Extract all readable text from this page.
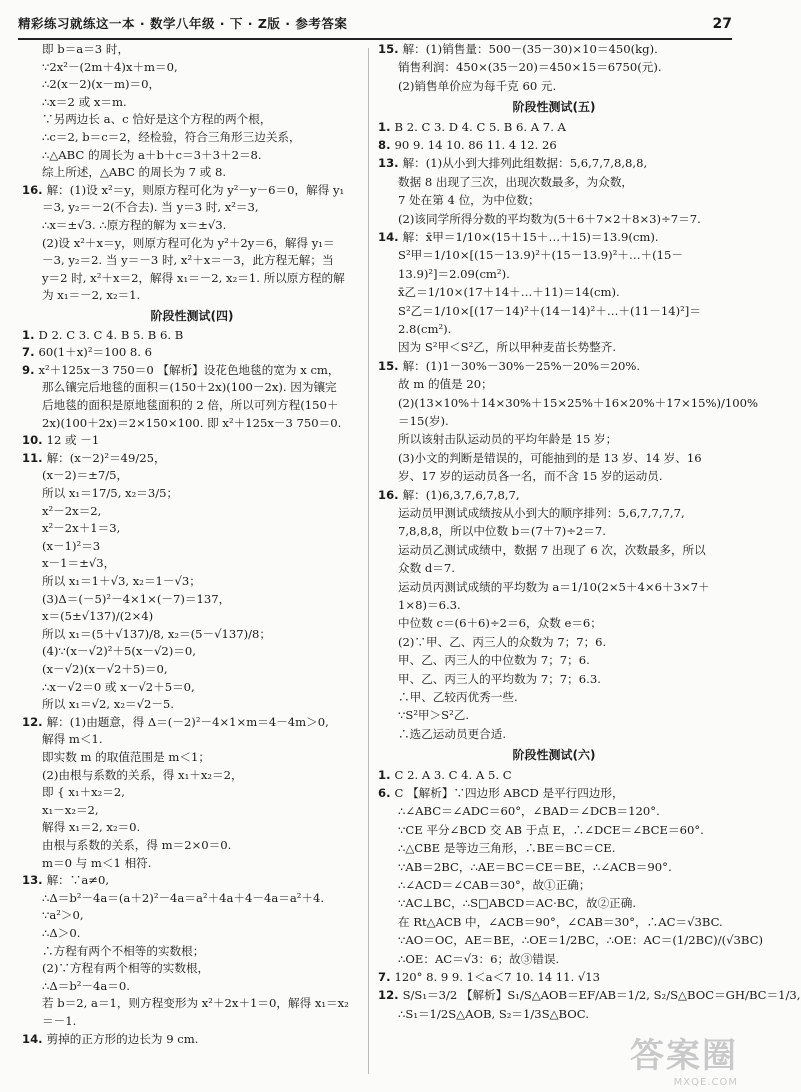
精彩练习就练这一本 · 数学八年级 · 下 · Z版 · 参考答案	27
即 b＝a＝3 时，
∵2x²－(2m＋4)x＋m＝0,
∴2(x－2)(x－m)＝0，
∴x＝2 或 x＝m.
∵另两边长 a、c 恰好是这个方程的两个根，
∴c＝2, b＝c＝2，经检验，符合三角形三边关系，
∴△ABC 的周长为 a＋b＋c＝3＋3＋2＝8.
综上所述，△ABC 的周长为 7 或 8.
16. 解：(1)设 x²＝y，则原方程可化为 y²－y－6＝0，解得 y₁
＝3, y₂＝－2(不合去). 当 y＝3 时, x²＝3,
∴x＝±√3. ∴原方程的解为 x＝±√3.
(2)设 x²＋x＝y，则原方程可化为 y²＋2y＝6，解得 y₁＝
－3, y₂＝2. 当 y＝－3 时, x²＋x＝－3，此方程无解；当
y＝2 时, x²＋x＝2，解得 x₁＝－2, x₂＝1. 所以原方程的解
为 x₁＝－2, x₂＝1.
阶段性测试(四)
1. D 2. C 3. C 4. B 5. B 6. B
7. 60(1＋x)²＝100 8. 6
9. x²＋125x－3 750＝0 【解析】设花色地毯的宽为 x cm，
那么镶完后地毯的面积＝(150＋2x)(100－2x). 因为镶完
后地毯的面积是原地毯面积的 2 倍，所以可列方程(150＋
2x)(100＋2x)＝2×150×100. 即 x²＋125x－3 750＝0.
10. 12 或 －1
11. 解：(x－2)²＝49/25，
(x－2)＝±7/5，
所以 x₁＝17/5, x₂＝3/5；
x²－2x＝2,
x²－2x＋1＝3,
(x－1)²＝3
x－1＝±√3，
所以 x₁＝1＋√3, x₂＝1－√3；
(3)Δ＝(－5)²－4×1×(－7)＝137，
x＝(5±√137)/(2×4)
所以 x₁＝(5＋√137)/8, x₂＝(5－√137)/8；
(4)∵(x－√2)²＋5(x－√2)＝0,
(x－√2)(x－√2＋5)＝0,
∴x－√2＝0 或 x－√2＋5＝0,
所以 x₁＝√2, x₂＝√2－5.
12. 解：(1)由题意，得 Δ＝(－2)²－4×1×m＝4－4m＞0,
解得 m＜1.
即实数 m 的取值范围是 m＜1；
(2)由根与系数的关系，得 x₁＋x₂＝2，
即 { x₁＋x₂＝2,
x₁－x₂＝2,
解得 x₁＝2, x₂＝0.
由根与系数的关系，得 m＝2×0＝0.
m＝0 与 m＜1 相符.
13. 解：∵a≠0,
∴Δ＝b²－4a＝(a＋2)²－4a＝a²＋4a＋4－4a＝a²＋4.
∵a²＞0,
∴Δ＞0.
∴方程有两个不相等的实数根；
(2)∵方程有两个相等的实数根，
∴Δ＝b²－4a＝0.
若 b＝2, a＝1，则方程变形为 x²＋2x＋1＝0，解得 x₁＝x₂
＝－1.
14. 剪掉的正方形的边长为 9 cm.
15. 解：(1)销售量：500－(35－30)×10＝450(kg).
销售利润：450×(35－20)＝450×15＝6750(元).
(2)销售单价应为每千克 60 元.
阶段性测试(五)
1. B 2. C 3. D 4. C 5. B 6. A 7. A
8. 90 9. 14 10. 86 11. 4 12. 26
13. 解：(1)从小到大排列此组数据：5,6,7,7,8,8,8,
数据 8 出现了三次，出现次数最多，为众数，
7 处在第 4 位，为中位数；
(2)该同学所得分数的平均数为(5＋6＋7×2＋8×3)÷7＝7.
14. 解：x̄甲＝1/10×(15＋15＋…＋15)＝13.9(cm).
S²甲＝1/10×[(15－13.9)²＋(15－13.9)²＋…＋(15－
13.9)²]＝2.09(cm²).
x̄乙＝1/10×(17＋14＋…＋11)＝14(cm).
S²乙＝1/10×[(17－14)²＋(14－14)²＋…＋(11－14)²]＝
2.8(cm²).
因为 S²甲＜S²乙，所以甲种麦苗长势整齐.
15. 解：(1)1－30%－30%－25%－20%＝20%.
故 m 的值是 20；
(2)(13×10%＋14×30%＋15×25%＋16×20%＋17×15%)/100%
＝15(岁).
所以该射击队运动员的平均年龄是 15 岁；
(3)小文的判断是错误的，可能抽到的是 13 岁、14 岁、16
岁、17 岁的运动员各一名，而不含 15 岁的运动员.
16. 解：(1)6,3,7,6,7,8,7,
运动员甲测试成绩按从小到大的顺序排列：5,6,7,7,7,7,
7,8,8,8，所以中位数 b＝(7＋7)÷2＝7.
运动员乙测试成绩中，数据 7 出现了 6 次，次数最多，所以
众数 d＝7.
运动员丙测试成绩的平均数为 a＝1/10(2×5＋4×6＋3×7＋
1×8)＝6.3.
中位数 c＝(6＋6)÷2＝6，众数 e＝6；
(2)∵甲、乙、丙三人的众数为 7；7；6.
甲、乙、丙三人的中位数为 7；7；6.
甲、乙、丙三人的平均数为 7；7；6.3.
∴甲、乙较丙优秀一些.
∵S²甲＞S²乙.
∴选乙运动员更合适.
阶段性测试(六)
1. C 2. A 3. C 4. A 5. C
6. C 【解析】∵四边形 ABCD 是平行四边形，
∴∠ABC＝∠ADC＝60°，∠BAD＝∠DCB＝120°.
∵CE 平分∠BCD 交 AB 于点 E，∴∠DCE＝∠BCE＝60°.
∴△CBE 是等边三角形，∴BE＝BC＝CE.
∵AB＝2BC，∴AE＝BC＝CE＝BE，∴∠ACB＝90°.
∴∠ACD＝∠CAB＝30°，故①正确；
∵AC⊥BC，∴S□ABCD＝AC·BC，故②正确.
在 Rt△ACB 中，∠ACB＝90°，∠CAB＝30°，∴AC＝√3BC.
∵AO＝OC，AE＝BE，∴OE＝1/2BC，∴OE：AC＝(1/2BC)/(√3BC)
∴OE：AC＝√3：6；故③错误.
7. 120° 8. 9 9. 1＜a＜7 10. 14 11. √13
12. S/S₁＝3/2 【解析】S₁/S△AOB＝EF/AB＝1/2, S₂/S△BOC＝GH/BC＝1/3,
∴S₁＝1/2S△AOB, S₂＝1/3S△BOC.
答案圈
MXQE.COM
